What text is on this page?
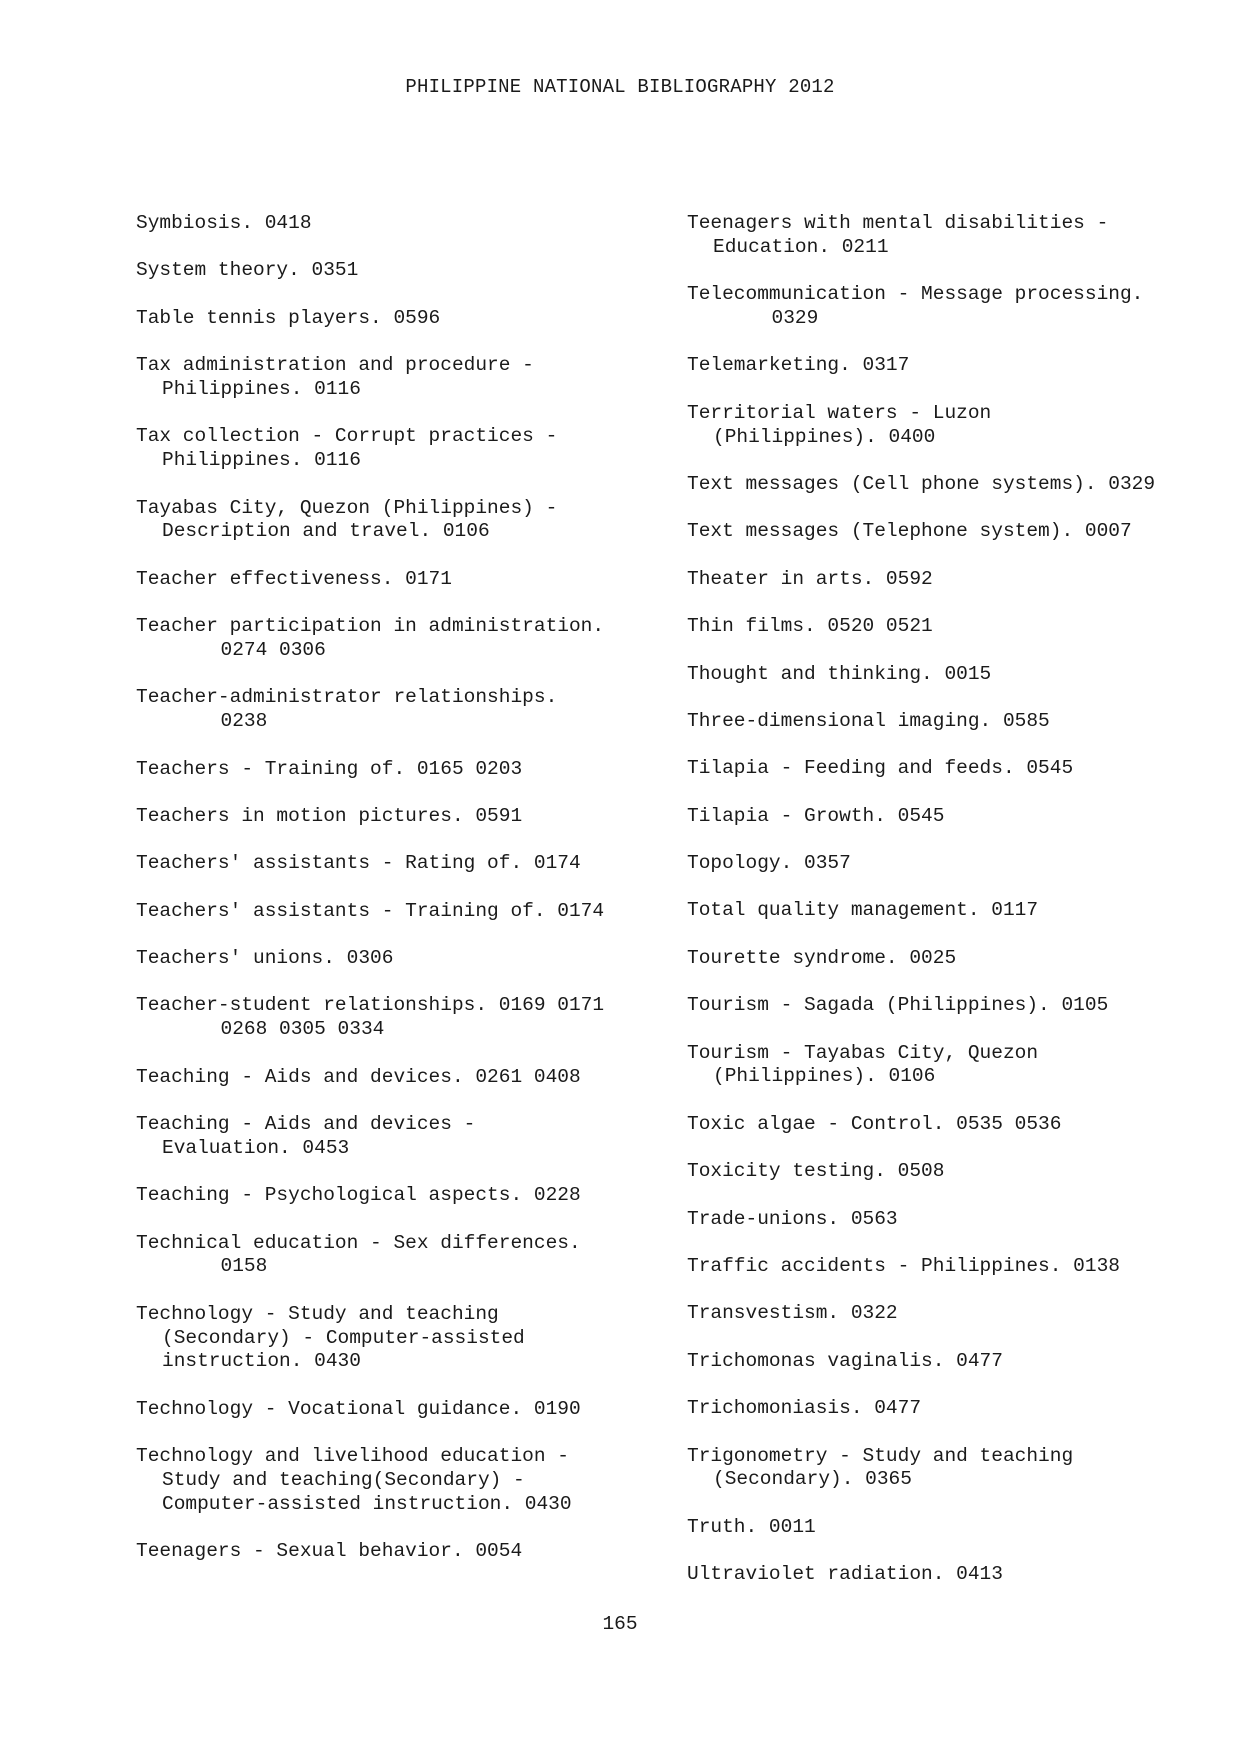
PHILIPPINE NATIONAL BIBLIOGRAPHY 2012
Symbiosis. 0418
System theory. 0351
Table tennis players. 0596
Tax administration and procedure -
Philippines. 0116
Tax collection - Corrupt practices -
Philippines. 0116
Tayabas City, Quezon (Philippines) -
Description and travel. 0106
Teacher effectiveness. 0171
Teacher participation in administration.
0274 0306
Teacher-administrator relationships.
0238
Teachers - Training of. 0165 0203
Teachers in motion pictures. 0591
Teachers' assistants - Rating of. 0174
Teachers' assistants - Training of. 0174
Teachers' unions. 0306
Teacher-student relationships. 0169 0171
0268 0305 0334
Teaching - Aids and devices. 0261 0408
Teaching - Aids and devices -
Evaluation. 0453
Teaching - Psychological aspects. 0228
Technical education - Sex differences.
0158
Technology - Study and teaching
(Secondary) - Computer-assisted
instruction. 0430
Technology - Vocational guidance. 0190
Technology and livelihood education -
Study and teaching(Secondary) -
Computer-assisted instruction. 0430
Teenagers - Sexual behavior. 0054
Teenagers with mental disabilities -
Education. 0211
Telecommunication - Message processing.
0329
Telemarketing. 0317
Territorial waters - Luzon
(Philippines). 0400
Text messages (Cell phone systems). 0329
Text messages (Telephone system). 0007
Theater in arts. 0592
Thin films. 0520 0521
Thought and thinking. 0015
Three-dimensional imaging. 0585
Tilapia - Feeding and feeds. 0545
Tilapia - Growth. 0545
Topology. 0357
Total quality management. 0117
Tourette syndrome. 0025
Tourism - Sagada (Philippines). 0105
Tourism - Tayabas City, Quezon
(Philippines). 0106
Toxic algae - Control. 0535 0536
Toxicity testing. 0508
Trade-unions. 0563
Traffic accidents - Philippines. 0138
Transvestism. 0322
Trichomonas vaginalis. 0477
Trichomoniasis. 0477
Trigonometry - Study and teaching
(Secondary). 0365
Truth. 0011
Ultraviolet radiation. 0413
165
